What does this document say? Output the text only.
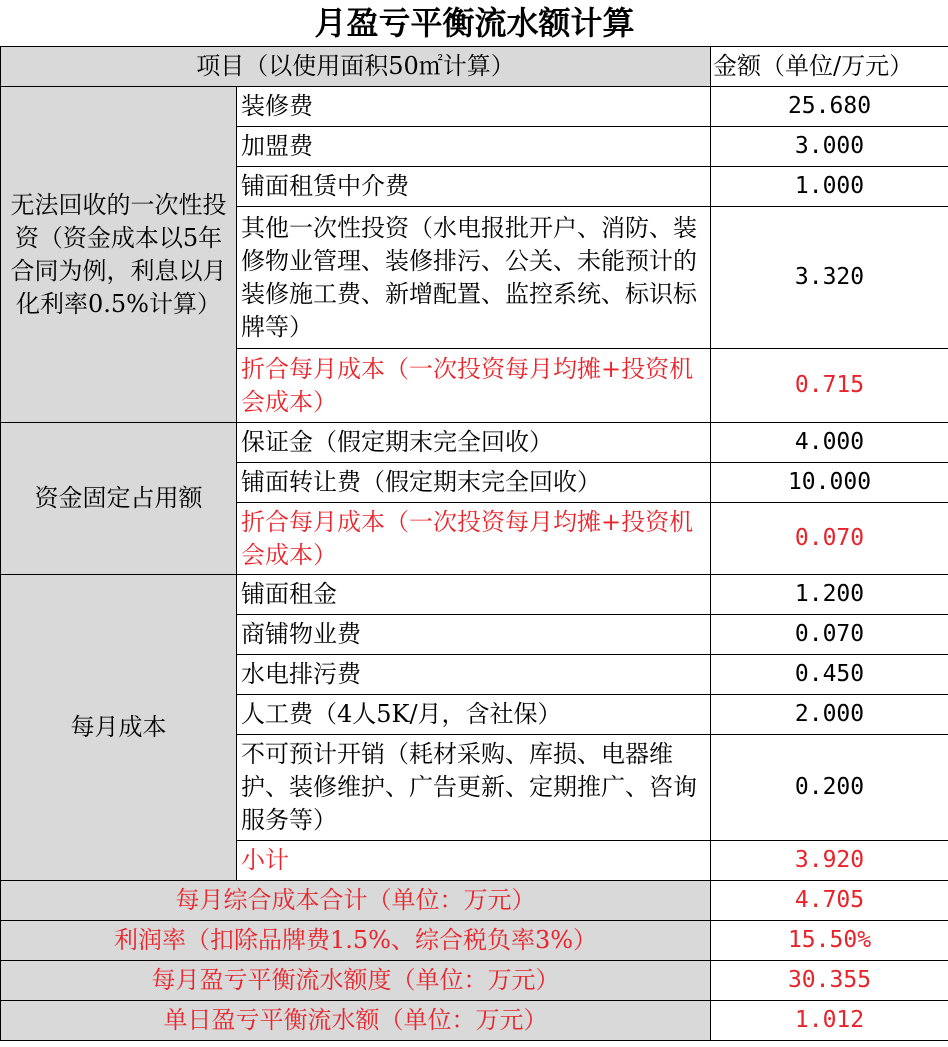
月盈亏平衡流水额计算		
项目（以使用面积50㎡计算）		金额（单位/万元）
无法回收的一次性投资（资金成本以5年合同为例，利息以月化利率0.5%计算）	装修费	25.680
	加盟费	3.000
	铺面租赁中介费	1.000
	其他一次性投资（水电报批开户、消防、装修物业管理、装修排污、公关、未能预计的装修施工费、新增配置、监控系统、标识标牌等）	3.320
	折合每月成本（一次投资每月均摊+投资机会成本）	0.715
资金固定占用额	保证金（假定期末完全回收）	4.000
	铺面转让费（假定期末完全回收）	10.000
	折合每月成本（一次投资每月均摊+投资机会成本）	0.070
每月成本	铺面租金	1.200
	商铺物业费	0.070
	水电排污费	0.450
	人工费（4人5K/月，含社保）	2.000
	不可预计开销（耗材采购、库损、电器维护、装修维护、广告更新、定期推广、咨询服务等）	0.200
	小计	3.920
每月综合成本合计（单位：万元）		4.705
利润率（扣除品牌费1.5%、综合税负率3%）		15.50%
每月盈亏平衡流水额度（单位：万元）		30.355
单日盈亏平衡流水额（单位：万元）		1.012
